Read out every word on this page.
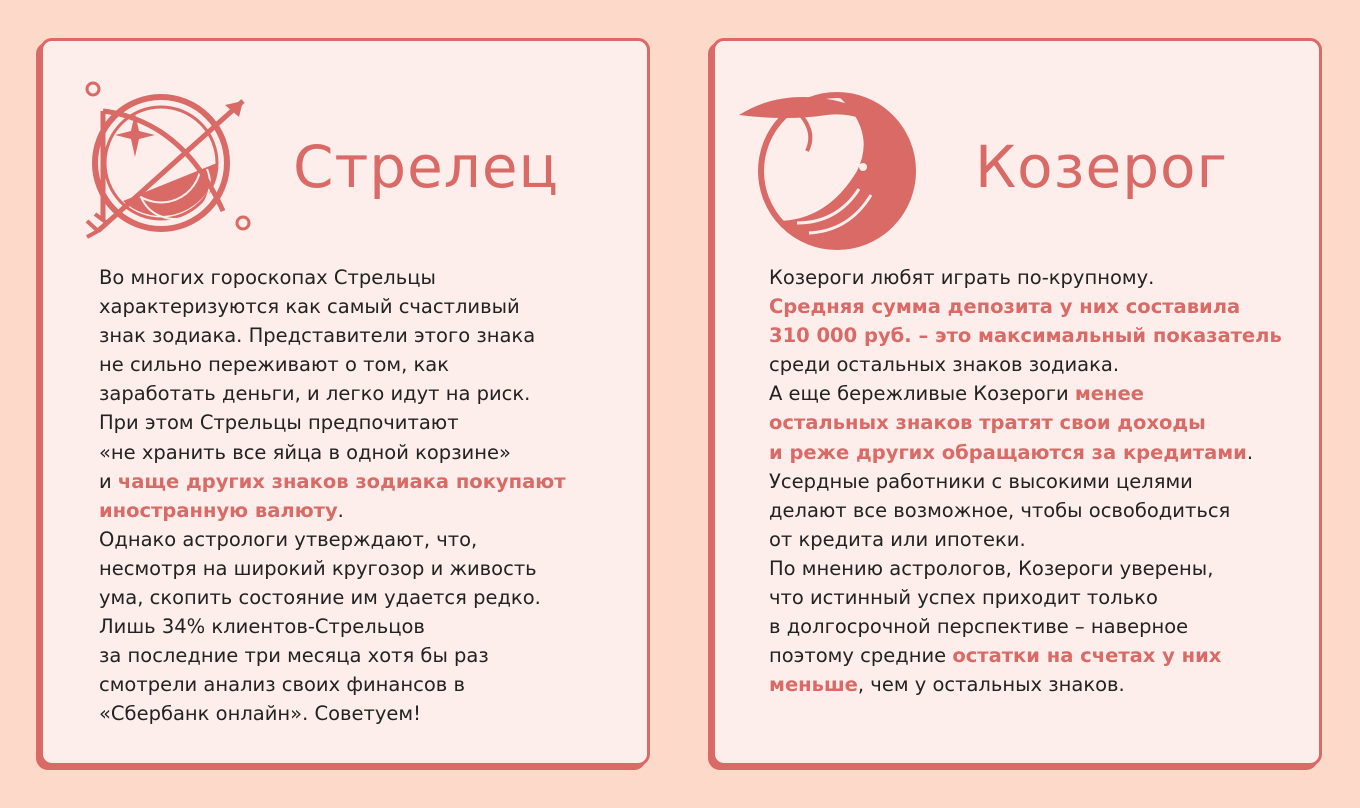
Стрелец
Во многих гороскопах Стрельцы
характеризуются как самый счастливый
знак зодиака. Представители этого знака
не сильно переживают о том, как
заработать деньги, и легко идут на риск.
При этом Стрельцы предпочитают
«не хранить все яйца в одной корзине»
и чаще других знаков зодиака покупают
иностранную валюту.
Однако астрологи утверждают, что,
несмотря на широкий кругозор и живость
ума, скопить состояние им удается редко.
Лишь 34% клиентов-Стрельцов
за последние три месяца хотя бы раз
смотрели анализ своих финансов в
«Сбербанк онлайн». Советуем!
Козерог
Козероги любят играть по-крупному.
Средняя сумма депозита у них составила
310 000 руб. – это максимальный показатель
среди остальных знаков зодиака.
А еще бережливые Козероги менее
остальных знаков тратят свои доходы
и реже других обращаются за кредитами.
Усердные работники с высокими целями
делают все возможное, чтобы освободиться
от кредита или ипотеки.
По мнению астрологов, Козероги уверены,
что истинный успех приходит только
в долгосрочной перспективе – наверное
поэтому средние остатки на счетах у них
меньше, чем у остальных знаков.
